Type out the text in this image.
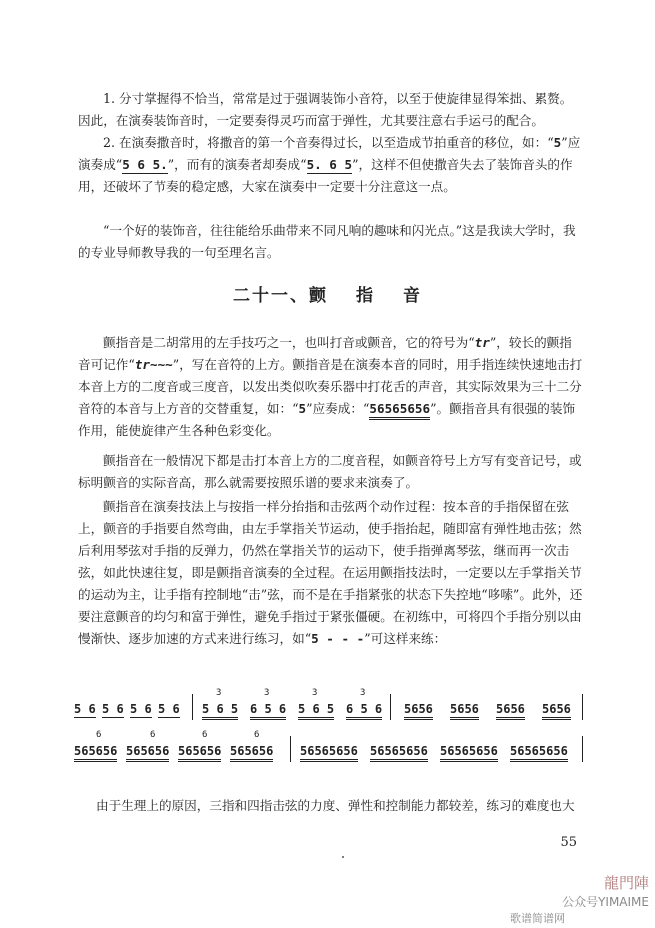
1. 分寸掌握得不恰当，常常是过于强调装饰小音符，以至于使旋律显得笨拙、累赘。因此，在演奏装饰音时，一定要奏得灵巧而富于弹性，尤其要注意右手运弓的配合。

2. 在演奏撒音时，将撒音的第一个音奏得过长，以至造成节拍重音的移位，如：“5”应演奏成“5 6 5.”，而有的演奏者却奏成“5. 6 5”，这样不但使撒音失去了装饰音头的作用，还破坏了节奏的稳定感，大家在演奏中一定要十分注意这一点。

“一个好的装饰音，往往能给乐曲带来不同凡响的趣味和闪光点。”这是我读大学时，我的专业导师教导我的一句至理名言。

二十一、颤 指 音

颤指音是二胡常用的左手技巧之一，也叫打音或颤音，它的符号为“tr”，较长的颤指音可记作“tr~~~”，写在音符的上方。颤指音是在演奏本音的同时，用手指连续快速地击打本音上方的二度音或三度音，以发出类似吹奏乐器中打花舌的声音，其实际效果为三十二分音符的本音与上方音的交替重复，如：“5”应奏成：“56565656”。颤指音具有很强的装饰作用，能使旋律产生各种色彩变化。

颤指音在一般情况下都是击打本音上方的二度音程，如颤音符号上方写有变音记号，或标明颤音的实际音高，那么就需要按照乐谱的要求来演奏了。

颤指音在演奏技法上与按指一样分抬指和击弦两个动作过程：按本音的手指保留在弦上，颤音的手指要自然弯曲，由左手掌指关节运动，使手指抬起，随即富有弹性地击弦；然后利用琴弦对手指的反弹力，仍然在掌指关节的运动下，使手指弹离琴弦，继而再一次击弦，如此快速往复，即是颤指音演奏的全过程。在运用颤指技法时，一定要以左手掌指关节的运动为主，让手指有控制地“击”弦，而不是在手指紧张的状态下失控地“哆嗦”。此外，还要注意颤音的均匀和富于弹性，避免手指过于紧张僵硬。在初练中，可将四个手指分别以由慢渐快、逐步加速的方式来进行练习，如“5 - - -”可这样来练：

5 6 5 6 5 6 5 6
3
5 6 5
3
6 5 6
3
5 6 5
3
6 5 6 5656 5656 5656 5656
6
565656
6
565656
6
565656
6
565656 56565656 56565656 56565656 56565656

由于生理上的原因，三指和四指击弦的力度、弹性和控制能力都较差，练习的难度也大

55
龍門陣
公众号YIMAIME
歌谱简谱网
